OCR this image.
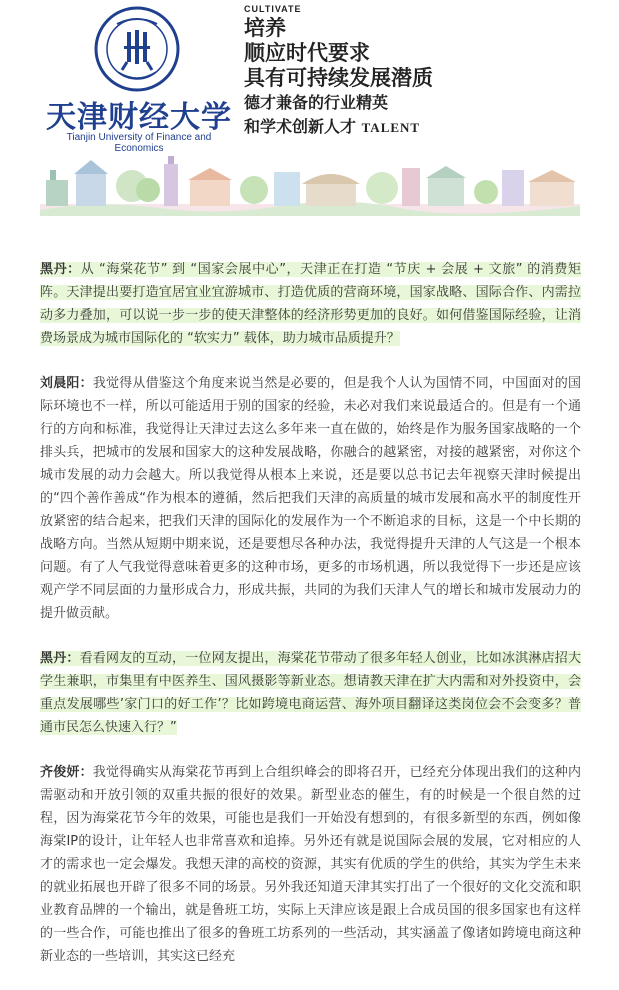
天津财经大学
Tianjin University of Finance and Economics
CULTIVATE
培养
顺应时代要求
具有可持续发展潜质
德才兼备的行业精英
和学术创新人才 TALENT

黑丹：从 “海棠花节” 到 “国家会展中心”，天津正在打造 “节庆 + 会展 + 文旅” 的消费矩阵。天津提出要打造宜居宜业宜游城市、打造优质的营商环境，国家战略、国际合作、内需拉动多力叠加，可以说一步一步的使天津整体的经济形势更加的良好。如何借鉴国际经验，让消费场景成为城市国际化的 “软实力” 载体，助力城市品质提升？

刘晨阳：我觉得从借鉴这个角度来说当然是必要的，但是我个人认为国情不同，中国面对的国际环境也不一样，所以可能适用于别的国家的经验，未必对我们来说最适合的。但是有一个通行的方向和标准，我觉得让天津过去这么多年来一直在做的，始终是作为服务国家战略的一个排头兵，把城市的发展和国家大的这种发展战略，你融合的越紧密，对接的越紧密，对你这个城市发展的动力会越大。所以我觉得从根本上来说，还是要以总书记去年视察天津时候提出的“四个善作善成“作为根本的遵循，然后把我们天津的高质量的城市发展和高水平的制度性开放紧密的结合起来，把我们天津的国际化的发展作为一个不断追求的目标，这是一个中长期的战略方向。当然从短期中期来说，还是要想尽各种办法，我觉得提升天津的人气这是一个根本问题。有了人气我觉得意味着更多的这种市场，更多的市场机遇，所以我觉得下一步还是应该观产学不同层面的力量形成合力，形成共振，共同的为我们天津人气的增长和城市发展动力的提升做贡献。

黑丹：看看网友的互动，一位网友提出，海棠花节带动了很多年轻人创业，比如冰淇淋店招大学生兼职，市集里有中医养生、国风摄影等新业态。想请教天津在扩大内需和对外投资中，会重点发展哪些’家门口的好工作’？比如跨境电商运营、海外项目翻译这类岗位会不会变多？普通市民怎么快速入行？”

齐俊妍：我觉得确实从海棠花节再到上合组织峰会的即将召开，已经充分体现出我们的这种内需驱动和开放引领的双重共振的很好的效果。新型业态的催生，有的时候是一个很自然的过程，因为海棠花节今年的效果，可能也是我们一开始没有想到的，有很多新型的东西，例如像海棠IP的设计，让年轻人也非常喜欢和追捧。另外还有就是说国际会展的发展，它对相应的人才的需求也一定会爆发。我想天津的高校的资源，其实有优质的学生的供给，其实为学生未来的就业拓展也开辟了很多不同的场景。另外我还知道天津其实打出了一个很好的文化交流和职业教育品牌的一个输出，就是鲁班工坊，实际上天津应该是跟上合成员国的很多国家也有这样的一些合作，可能也推出了很多的鲁班工坊系列的一些活动，其实涵盖了像诸如跨境电商这种新业态的一些培训，其实这已经充
